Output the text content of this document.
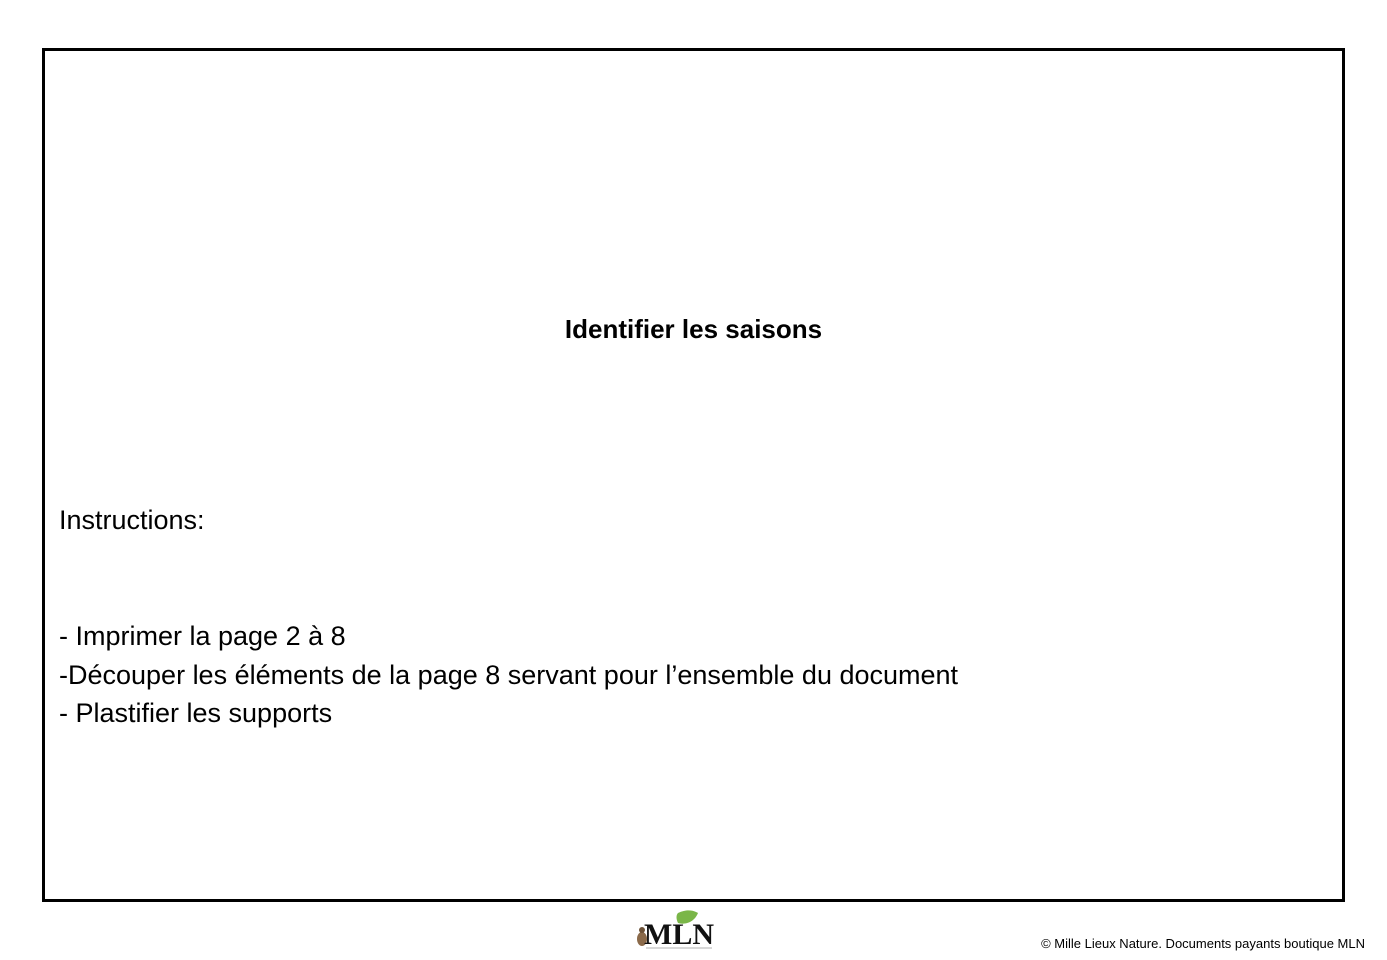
Identifier les saisons
Instructions:
- Imprimer la page 2 à 8
-Découper les éléments de la page 8 servant pour l’ensemble du document
- Plastifier les supports
MLN	© Mille Lieux Nature. Documents payants boutique MLN
